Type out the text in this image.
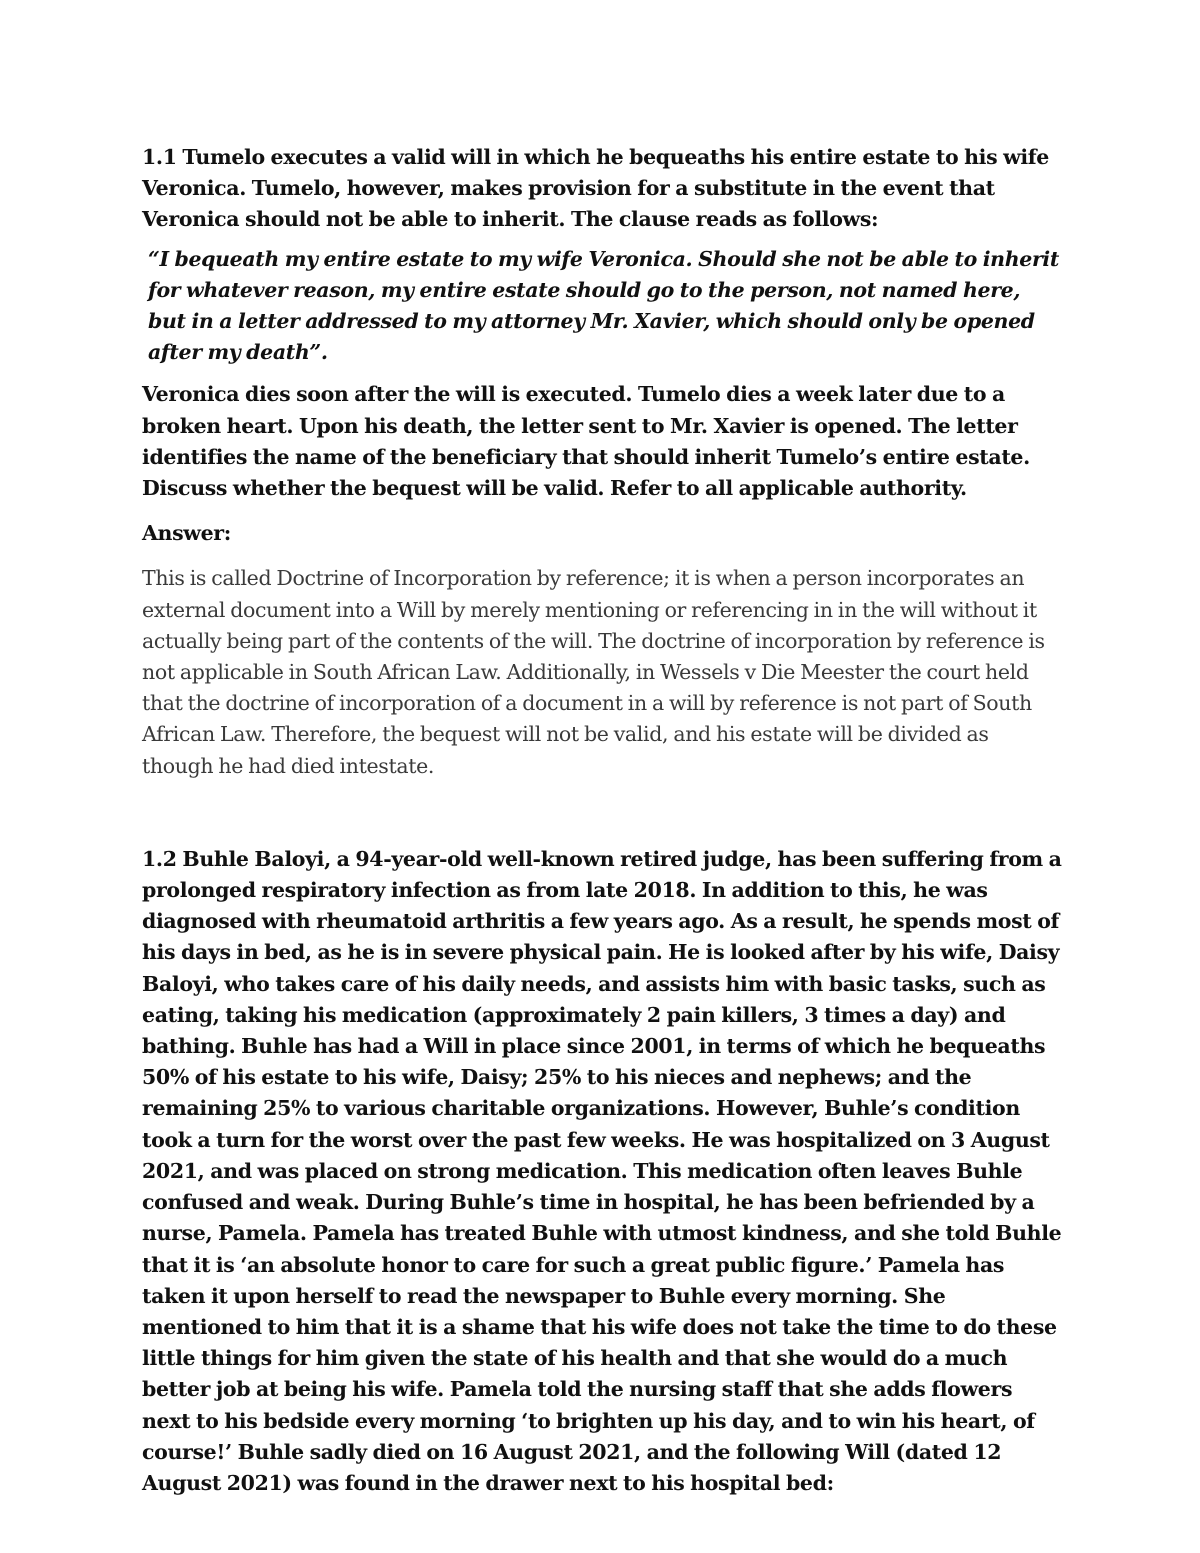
1.1 Tumelo executes a valid will in which he bequeaths his entire estate to his wife Veronica. Tumelo, however, makes provision for a substitute in the event that Veronica should not be able to inherit. The clause reads as follows:

“I bequeath my entire estate to my wife Veronica. Should she not be able to inherit for whatever reason, my entire estate should go to the person, not named here, but in a letter addressed to my attorney Mr. Xavier, which should only be opened after my death”.

Veronica dies soon after the will is executed. Tumelo dies a week later due to a broken heart. Upon his death, the letter sent to Mr. Xavier is opened. The letter identifies the name of the beneficiary that should inherit Tumelo’s entire estate. Discuss whether the bequest will be valid. Refer to all applicable authority.

Answer:

This is called Doctrine of Incorporation by reference; it is when a person incorporates an external document into a Will by merely mentioning or referencing in in the will without it actually being part of the contents of the will. The doctrine of incorporation by reference is not applicable in South African Law. Additionally, in Wessels v Die Meester the court held that the doctrine of incorporation of a document in a will by reference is not part of South African Law. Therefore, the bequest will not be valid, and his estate will be divided as though he had died intestate.

1.2 Buhle Baloyi, a 94-year-old well-known retired judge, has been suffering from a prolonged respiratory infection as from late 2018. In addition to this, he was diagnosed with rheumatoid arthritis a few years ago. As a result, he spends most of his days in bed, as he is in severe physical pain. He is looked after by his wife, Daisy Baloyi, who takes care of his daily needs, and assists him with basic tasks, such as eating, taking his medication (approximately 2 pain killers, 3 times a day) and bathing. Buhle has had a Will in place since 2001, in terms of which he bequeaths 50% of his estate to his wife, Daisy; 25% to his nieces and nephews; and the remaining 25% to various charitable organizations. However, Buhle’s condition took a turn for the worst over the past few weeks. He was hospitalized on 3 August 2021, and was placed on strong medication. This medication often leaves Buhle confused and weak. During Buhle’s time in hospital, he has been befriended by a nurse, Pamela. Pamela has treated Buhle with utmost kindness, and she told Buhle that it is ‘an absolute honor to care for such a great public figure.’ Pamela has taken it upon herself to read the newspaper to Buhle every morning. She mentioned to him that it is a shame that his wife does not take the time to do these little things for him given the state of his health and that she would do a much better job at being his wife. Pamela told the nursing staff that she adds flowers next to his bedside every morning ‘to brighten up his day, and to win his heart, of course!’ Buhle sadly died on 16 August 2021, and the following Will (dated 12 August 2021) was found in the drawer next to his hospital bed:
